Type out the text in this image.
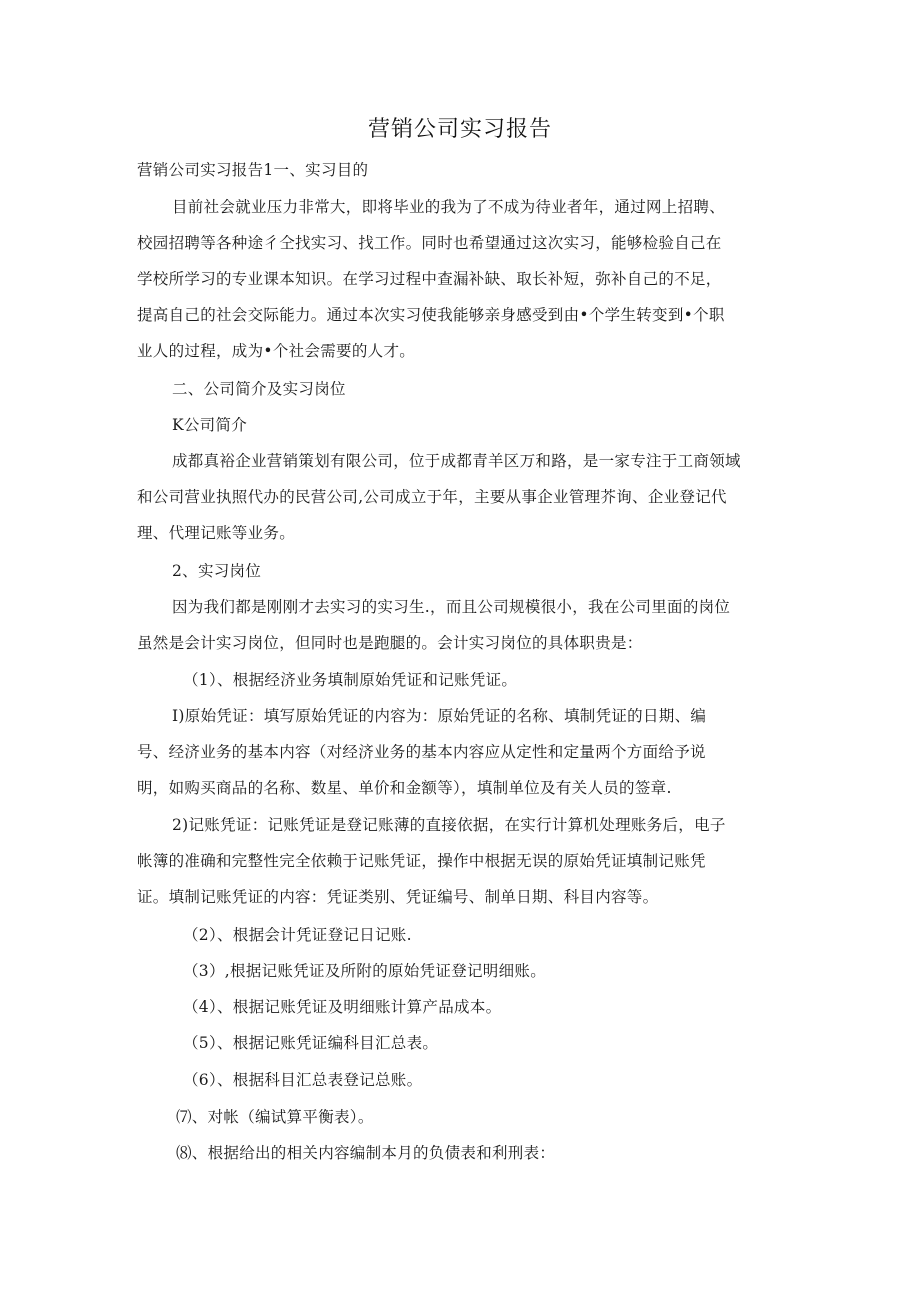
营销公司实习报告
营销公司实习报告1一、实习目的
目前社会就业压力非常大，即将毕业的我为了不成为待业者年，通过网上招聘、
校园招聘等各种途彳仝找实习、找工作。同时也希望通过这次实习，能够检验自己在
学校所学习的专业课本知识。在学习过程中查漏补缺、取长补短，弥补自己的不足，
提高自己的社会交际能力。通过本次实习使我能够亲身感受到由•个学生转变到•个职
业人的过程，成为•个社会需要的人才。
二、公司简介及实习岗位
K公司简介
成都真裕企业营销策划有限公司，位于成都青羊区万和路，是一家专注于工商领域
和公司营业执照代办的民营公司,公司成立于年，主要从事企业管理芥询、企业登记代
理、代理记账等业务。
2、实习岗位
因为我们都是刚刚才去实习的实习生.，而且公司规模很小，我在公司里面的岗位
虽然是会计实习岗位，但同时也是跑腿的。会计实习岗位的具体职贵是：
（1）、根据经济业务填制原始凭证和记账凭证。
I)原始凭证：填写原始凭证的内容为：原始凭证的名称、填制凭证的日期、编
号、经济业务的基本内容（对经济业务的基本内容应从定性和定量两个方面给予说
明，如购买商品的名称、数星、单价和金额等），填制单位及有关人员的签章.
2)记账凭证：记账凭证是登记账薄的直接依据，在实行计算机处理账务后，电子
帐簿的准确和完整性完全依赖于记账凭证，操作中根据无误的原始凭证填制记账凭
证。填制记账凭证的内容：凭证类别、凭证编号、制单日期、科目内容等。
（2）、根据会计凭证登记日记账.
（3）,根据记账凭证及所附的原始凭证登记明细账。
（4）、根据记账凭证及明细账计算产品成本。
（5）、根据记账凭证编科目汇总表。
（6）、根据科目汇总表登记总账。
⑺、对帐（编试算平衡表）。
⑻、根据给出的相关内容编制本月的负债表和利刑表：
